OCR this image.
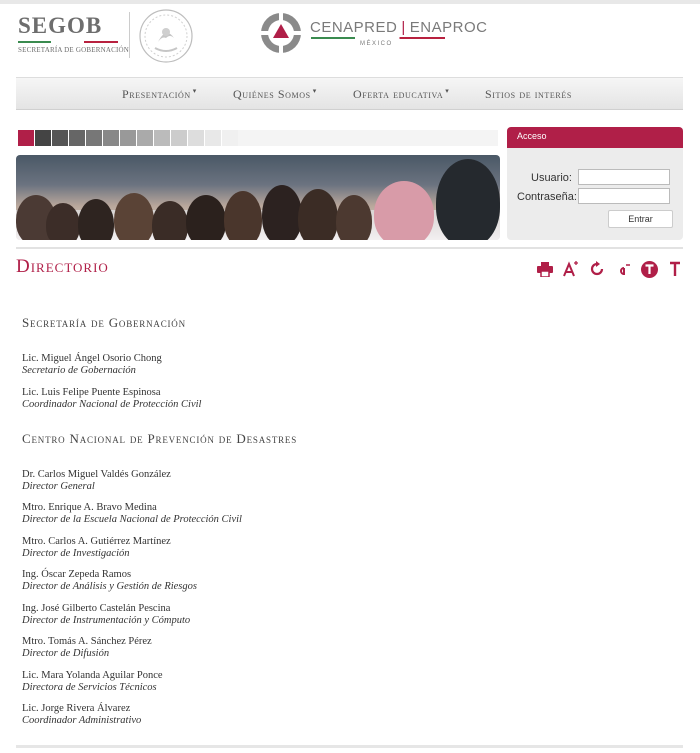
SEGOB
SECRETARÍA DE GOBERNACIÓN
CENAPRED | ENAPROC
MÉXICO
Presentación ▾	Quiénes Somos ▾	Oferta educativa ▾	Sitios de interés
Acceso
Usuario:
Contraseña:
Entrar
Directorio
Secretaría de Gobernación
Lic. Miguel Ángel Osorio Chong
Secretario de Gobernación
Lic. Luis Felipe Puente Espinosa
Coordinador Nacional de Protección Civil
Centro Nacional de Prevención de Desastres
Dr. Carlos Miguel Valdés González
Director General
Mtro. Enrique A. Bravo Medina
Director de la Escuela Nacional de Protección Civil
Mtro. Carlos A. Gutiérrez Martínez
Director de Investigación
Ing. Óscar Zepeda Ramos
Director de Análisis y Gestión de Riesgos
Ing. José Gilberto Castelán Pescina
Director de Instrumentación y Cómputo
Mtro. Tomás A. Sánchez Pérez
Director de Difusión
Lic. Mara Yolanda Aguilar Ponce
Directora de Servicios Técnicos
Lic. Jorge Rivera Álvarez
Coordinador Administrativo
